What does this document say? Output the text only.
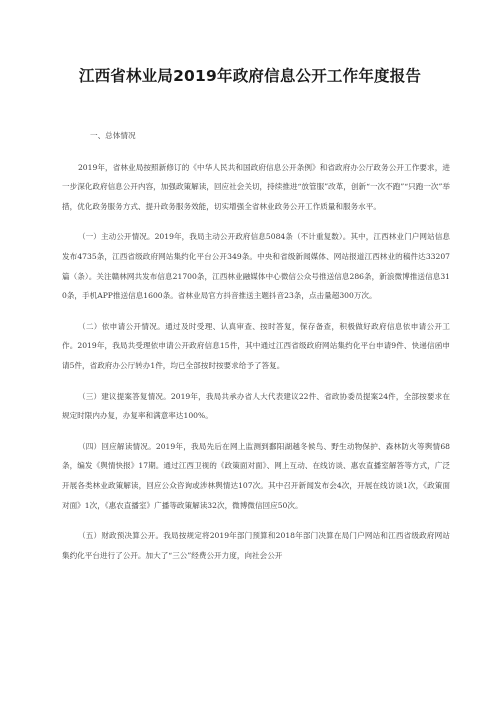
江西省林业局2019年政府信息公开工作年度报告
一、总体情况

2019年，省林业局按照新修订的《中华人民共和国政府信息公开条例》和省政府办公厅政务公开工作要求，进一步深化政府信息公开内容，加强政策解读，回应社会关切，持续推进“放管服”改革，创新“一次不跑”“只跑一次”举措，优化政务服务方式、提升政务服务效能，切实增强全省林业政务公开工作质量和服务水平。

（一）主动公开情况。2019年，我局主动公开政府信息5084条（不计重复数）。其中，江西林业门户网站信息发布4735条，江西省级政府网站集约化平台公开349条。中央和省级新闻媒体、网站报道江西林业的稿件达33207篇（条）。关注赣林网共发布信息21700条，江西林业融媒体中心微信公众号推送信息286条，新浪微博推送信息310条，手机APP推送信息1600条。省林业局官方抖音推送主题抖音23条，点击量超300万次。

（二）依申请公开情况。通过及时受理、认真审查、按时答复，保存备查，积极做好政府信息依申请公开工作。2019年，我局共受理依申请公开政府信息15件，其中通过江西省级政府网站集约化平台申请9件、快递信函申请5件，省政府办公厅转办1件，均已全部按时按要求给予了答复。

（三）建议提案答复情况。2019年，我局共承办省人大代表建议22件、省政协委员提案24件，全部按要求在规定时限内办复，办复率和满意率达100%。

（四）回应解读情况。2019年，我局先后在网上监测到鄱阳湖越冬候鸟、野生动物保护、森林防火等舆情68条，编发《舆情快报》17期。通过江西卫视的《政策面对面》、网上互动、在线访谈、惠农直播室解答等方式，广泛开展各类林业政策解读，回应公众咨询或涉林舆情达107次。其中召开新闻发布会4次，开展在线访谈1次，《政策面对面》1次，《惠农直播室》广播等政策解读32次，微博微信回应50次。

（五）财政预决算公开。我局按规定将2019年部门预算和2018年部门决算在局门户网站和江西省级政府网站集约化平台进行了公开。加大了“三公”经费公开力度，向社会公开
